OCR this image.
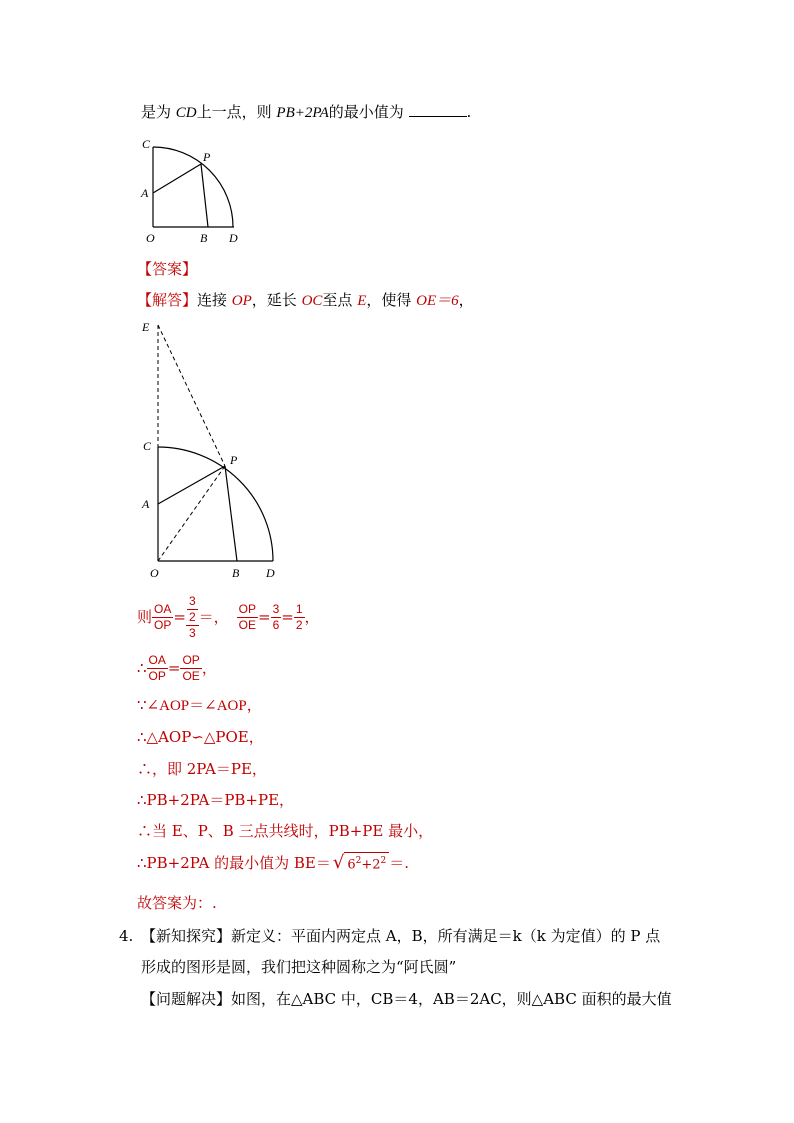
是为 CD上一点，则 PB+2PA的最小值为	.
C
P
A
O	B D
【答案】
【解答】连接 OP，延长 OC至点 E，使得 OE＝6，
E
C
P
A
O	B D
则 $\frac{OA}{OP} = \frac{\frac{3}{2}}{3}$ ＝， $\frac{OP}{OE} = \frac{3}{6} = \frac{1}{2}$ ，
∴ $\frac{OA}{OP} = \frac{OP}{OE}$ ，
∵∠AOP＝∠AOP，
∴△AOP∽△POE，
∴，即 2PA＝PE，
∴PB+2PA＝PB+PE，
∴当 E、P、B 三点共线时，PB+PE 最小，
∴PB+2PA 的最小值为 BE＝ √ $6^2+2^2$ ＝.
故答案为：.
4. 【新知探究】新定义：平面内两定点 A，B，所有满足＝k（k 为定值）的 P 点
形成的图形是圆，我们把这种圆称之为“阿氏圆”
【问题解决】如图，在△ABC 中，CB＝4，AB＝2AC，则△ABC 面积的最大值
